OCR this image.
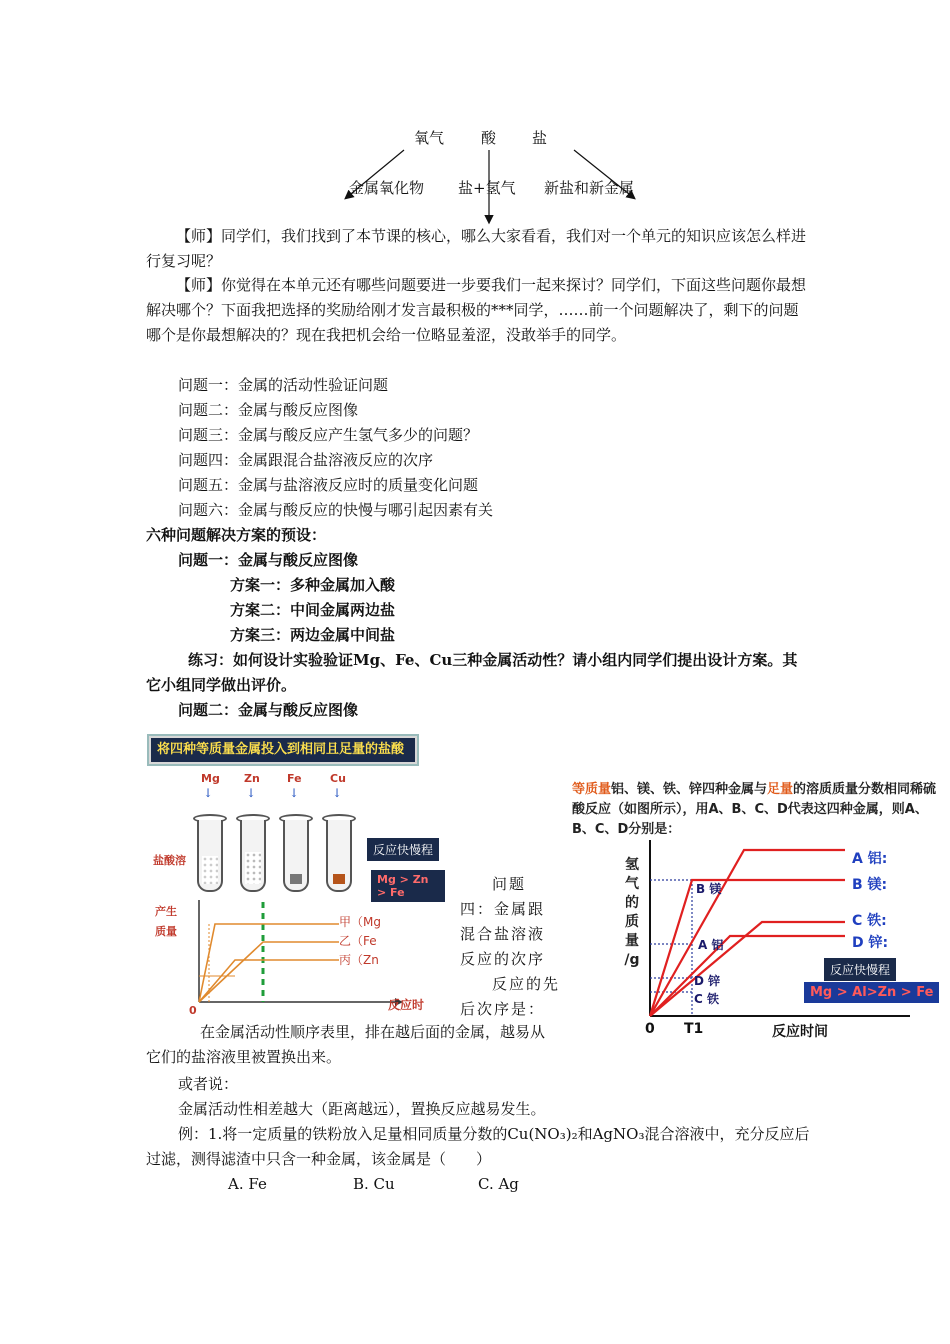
氧气 酸 盐
金属氧化物 盐+氢气 新盐和新金属
【师】同学们，我们找到了本节课的核心，哪么大家看看，我们对一个单元的知识应该怎么样进行复习呢？
【师】你觉得在本单元还有哪些问题要进一步要我们一起来探讨？同学们，下面这些问题你最想解决哪个？下面我把选择的奖励给刚才发言最积极的***同学，……前一个问题解决了，剩下的问题哪个是你最想解决的？现在我把机会给一位略显羞涩，没敢举手的同学。
问题一：金属的活动性验证问题
问题二：金属与酸反应图像
问题三：金属与酸反应产生氢气多少的问题？
问题四：金属跟混合盐溶液反应的次序
问题五：金属与盐溶液反应时的质量变化问题
问题六：金属与酸反应的快慢与哪引起因素有关
六种问题解决方案的预设：
问题一：金属与酸反应图像
方案一：多种金属加入酸
方案二：中间金属两边盐
方案三：两边金属中间盐
练习：如何设计实验验证Mg、Fe、Cu三种金属活动性？请小组内同学们提出设计方案。其它小组同学做出评价。
问题二：金属与酸反应图像
将四种等质量金属投入到相同且足量的盐酸
Mg Zn Fe	Cu
↓	↓	↓	↓
盐酸溶
反应快慢程
Mg > Zn > Fe
产生
质量
甲（Mg
乙（Fe
丙（Zn
0	反应时
问题四：金属跟混合盐溶液反应的次序
反应的先后次序是：
在金属活动性顺序表里，排在越后面的金属，越易从它们的盐溶液里被置换出来。
或者说：
金属活动性相差越大（距离越远），置换反应越易发生。
例：1.将一定质量的铁粉放入足量相同质量分数的Cu(NO₃)₂和AgNO₃混合溶液中，充分反应后过滤，测得滤渣中只含一种金属，该金属是（　　）
A. Fe	B. Cu	C. Ag
等质量铝、镁、铁、锌四种金属与足量的溶质质量分数相同稀硫酸反应（如图所示），用A、B、C、D代表这四种金属，则A、B、C、D分别是：
氢
气
的
质
量
/g
A 铝:
B 镁:
C 铁:
D 锌:
B 镁
A 铝
D 锌
C 铁
反应快慢程
Mg > Al>Zn > Fe
0 T1	反应时间
